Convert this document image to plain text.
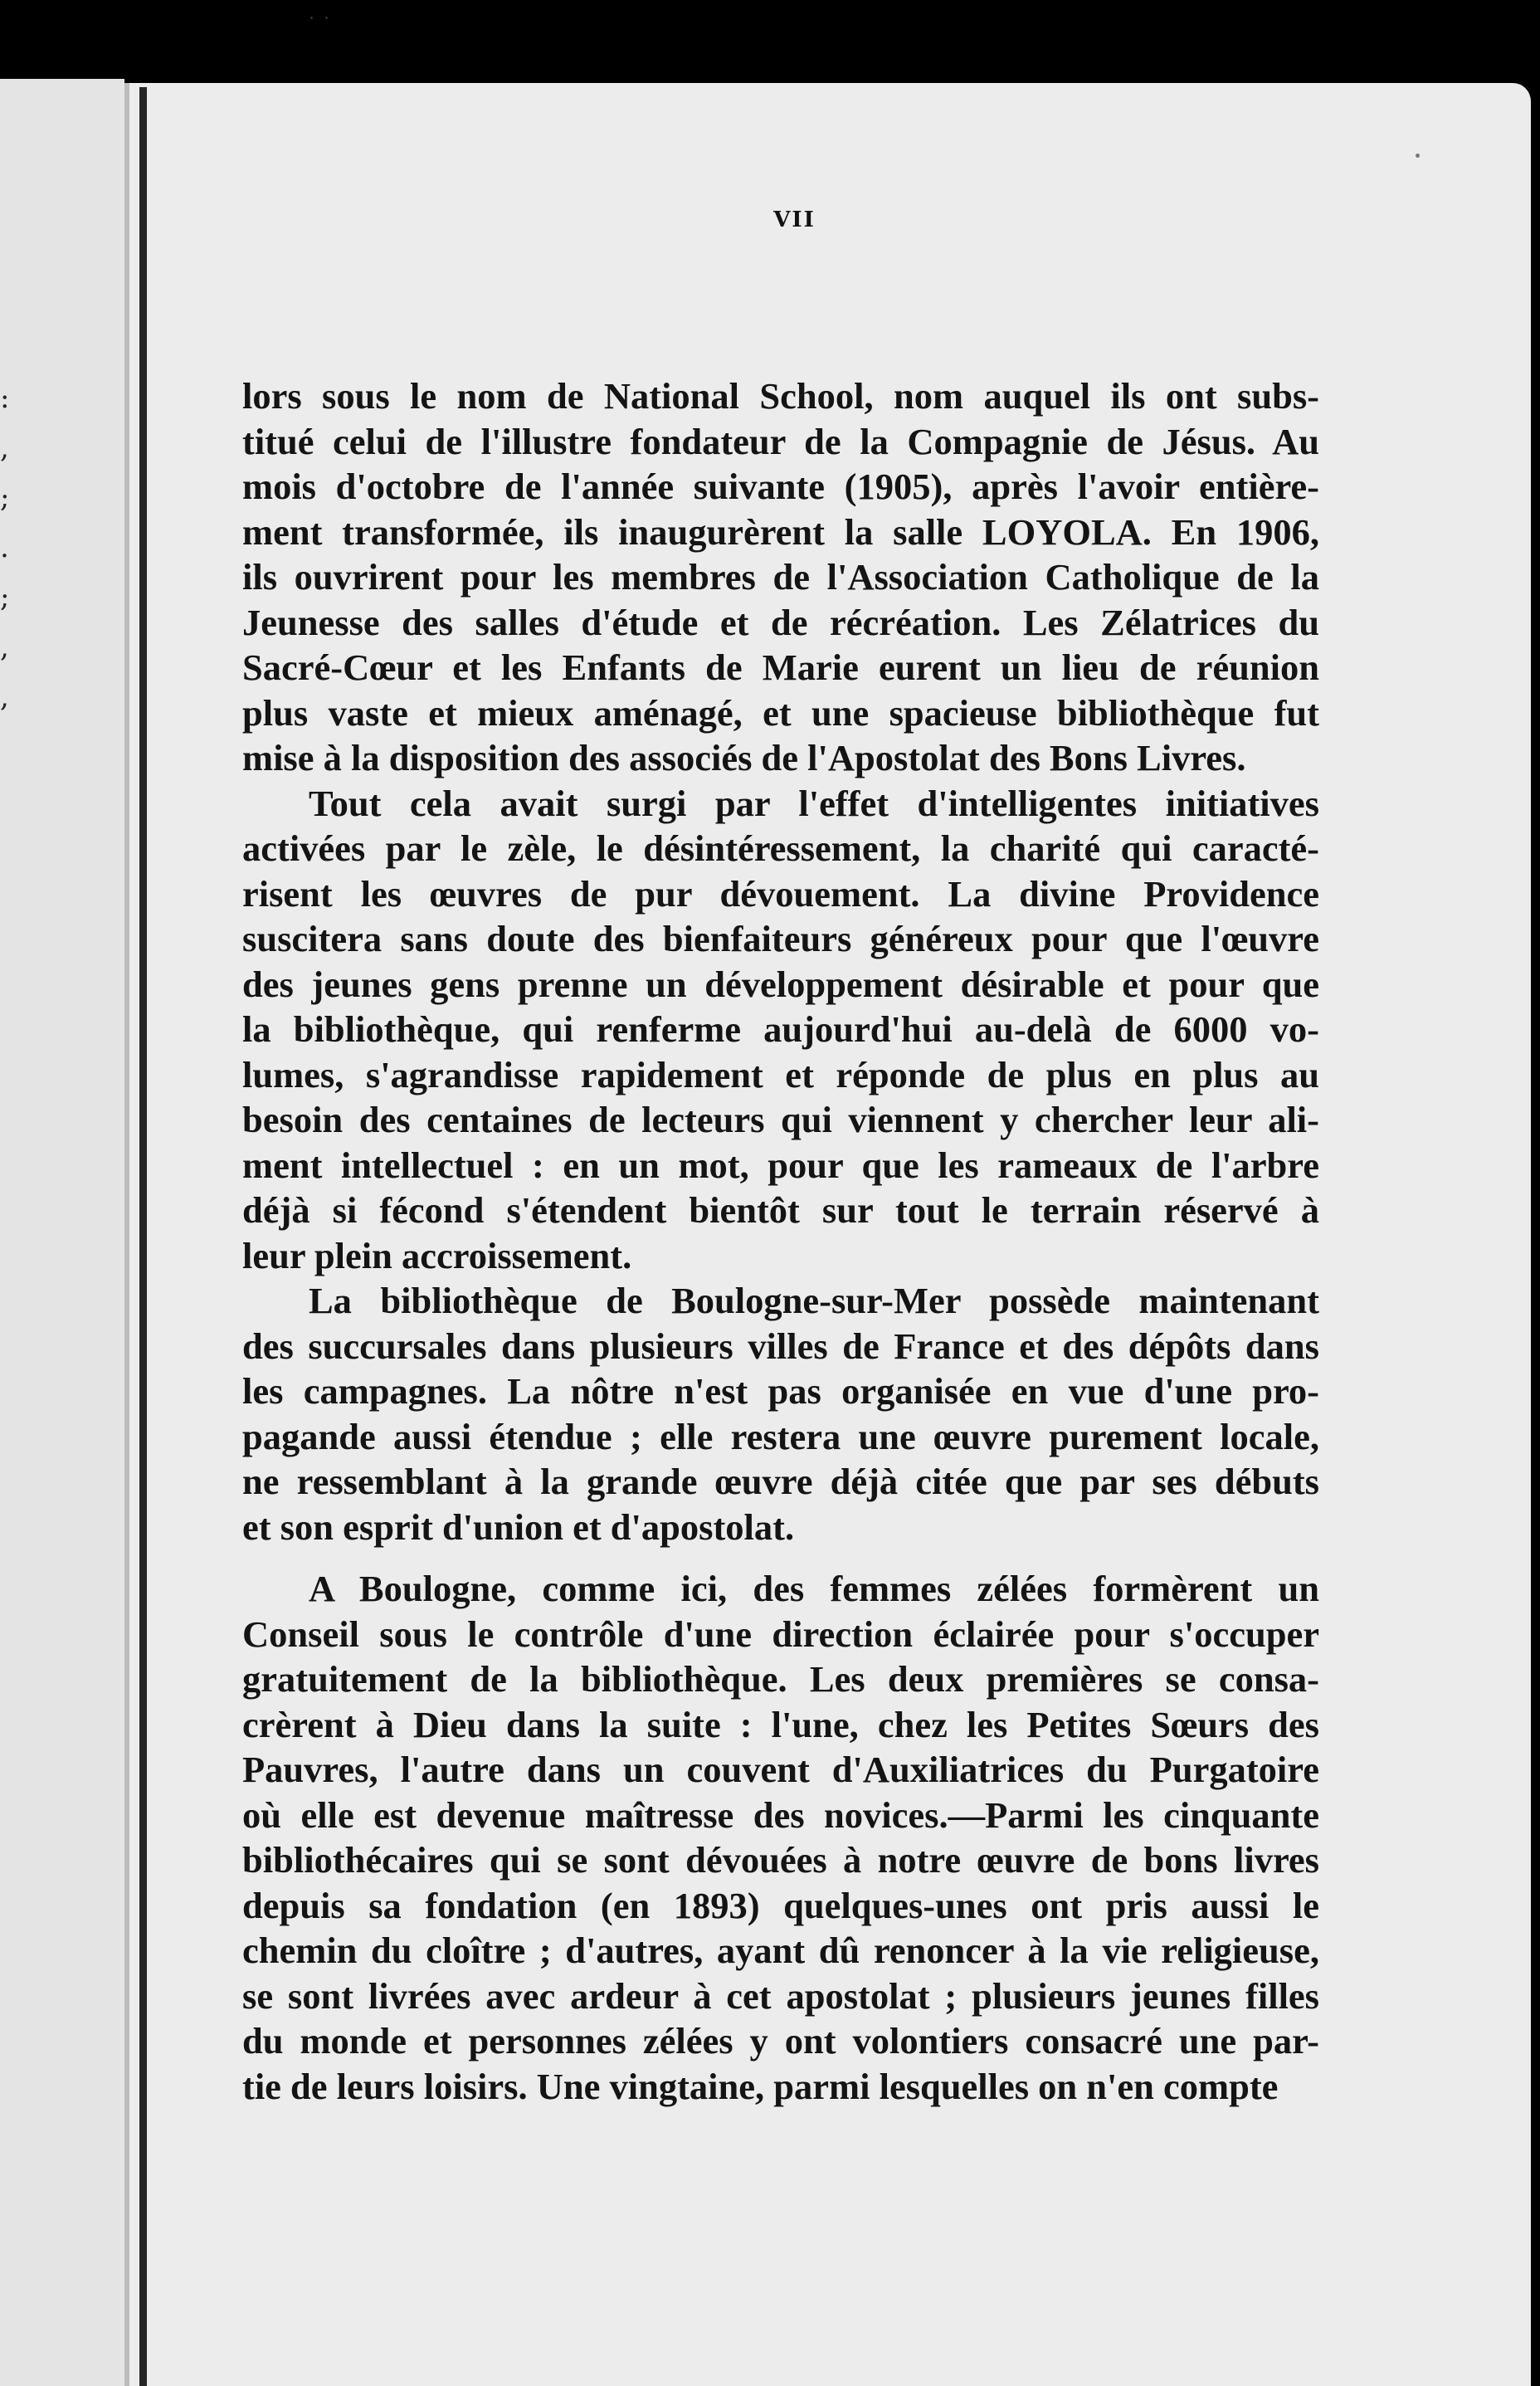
˙ ˙
:
,
;
.
;
,
,
VII

lors sous le nom de National School, nom auquel ils ont subs-
titué celui de l'illustre fondateur de la Compagnie de Jésus. Au
mois d'octobre de l'année suivante (1905), après l'avoir entière-
ment transformée, ils inaugurèrent la salle LOYOLA. En 1906,
ils ouvrirent pour les membres de l'Association Catholique de la
Jeunesse des salles d'étude et de récréation. Les Zélatrices du
Sacré-Cœur et les Enfants de Marie eurent un lieu de réunion
plus vaste et mieux aménagé, et une spacieuse bibliothèque fut
mise à la disposition des associés de l'Apostolat des Bons Livres.

Tout cela avait surgi par l'effet d'intelligentes initiatives
activées par le zèle, le désintéressement, la charité qui caracté-
risent les œuvres de pur dévouement. La divine Providence
suscitera sans doute des bienfaiteurs généreux pour que l'œuvre
des jeunes gens prenne un développement désirable et pour que
la bibliothèque, qui renferme aujourd'hui au-delà de 6000 vo-
lumes, s'agrandisse rapidement et réponde de plus en plus au
besoin des centaines de lecteurs qui viennent y chercher leur ali-
ment intellectuel : en un mot, pour que les rameaux de l'arbre
déjà si fécond s'étendent bientôt sur tout le terrain réservé à
leur plein accroissement.

La bibliothèque de Boulogne-sur-Mer possède maintenant
des succursales dans plusieurs villes de France et des dépôts dans
les campagnes. La nôtre n'est pas organisée en vue d'une pro-
pagande aussi étendue ; elle restera une œuvre purement locale,
ne ressemblant à la grande œuvre déjà citée que par ses débuts
et son esprit d'union et d'apostolat.

A Boulogne, comme ici, des femmes zélées formèrent un
Conseil sous le contrôle d'une direction éclairée pour s'occuper
gratuitement de la bibliothèque. Les deux premières se consa-
crèrent à Dieu dans la suite : l'une, chez les Petites Sœurs des
Pauvres, l'autre dans un couvent d'Auxiliatrices du Purgatoire
où elle est devenue maîtresse des novices.—Parmi les cinquante
bibliothécaires qui se sont dévouées à notre œuvre de bons livres
depuis sa fondation (en 1893) quelques-unes ont pris aussi le
chemin du cloître ; d'autres, ayant dû renoncer à la vie religieuse,
se sont livrées avec ardeur à cet apostolat ; plusieurs jeunes filles
du monde et personnes zélées y ont volontiers consacré une par-
tie de leurs loisirs. Une vingtaine, parmi lesquelles on n'en compte
